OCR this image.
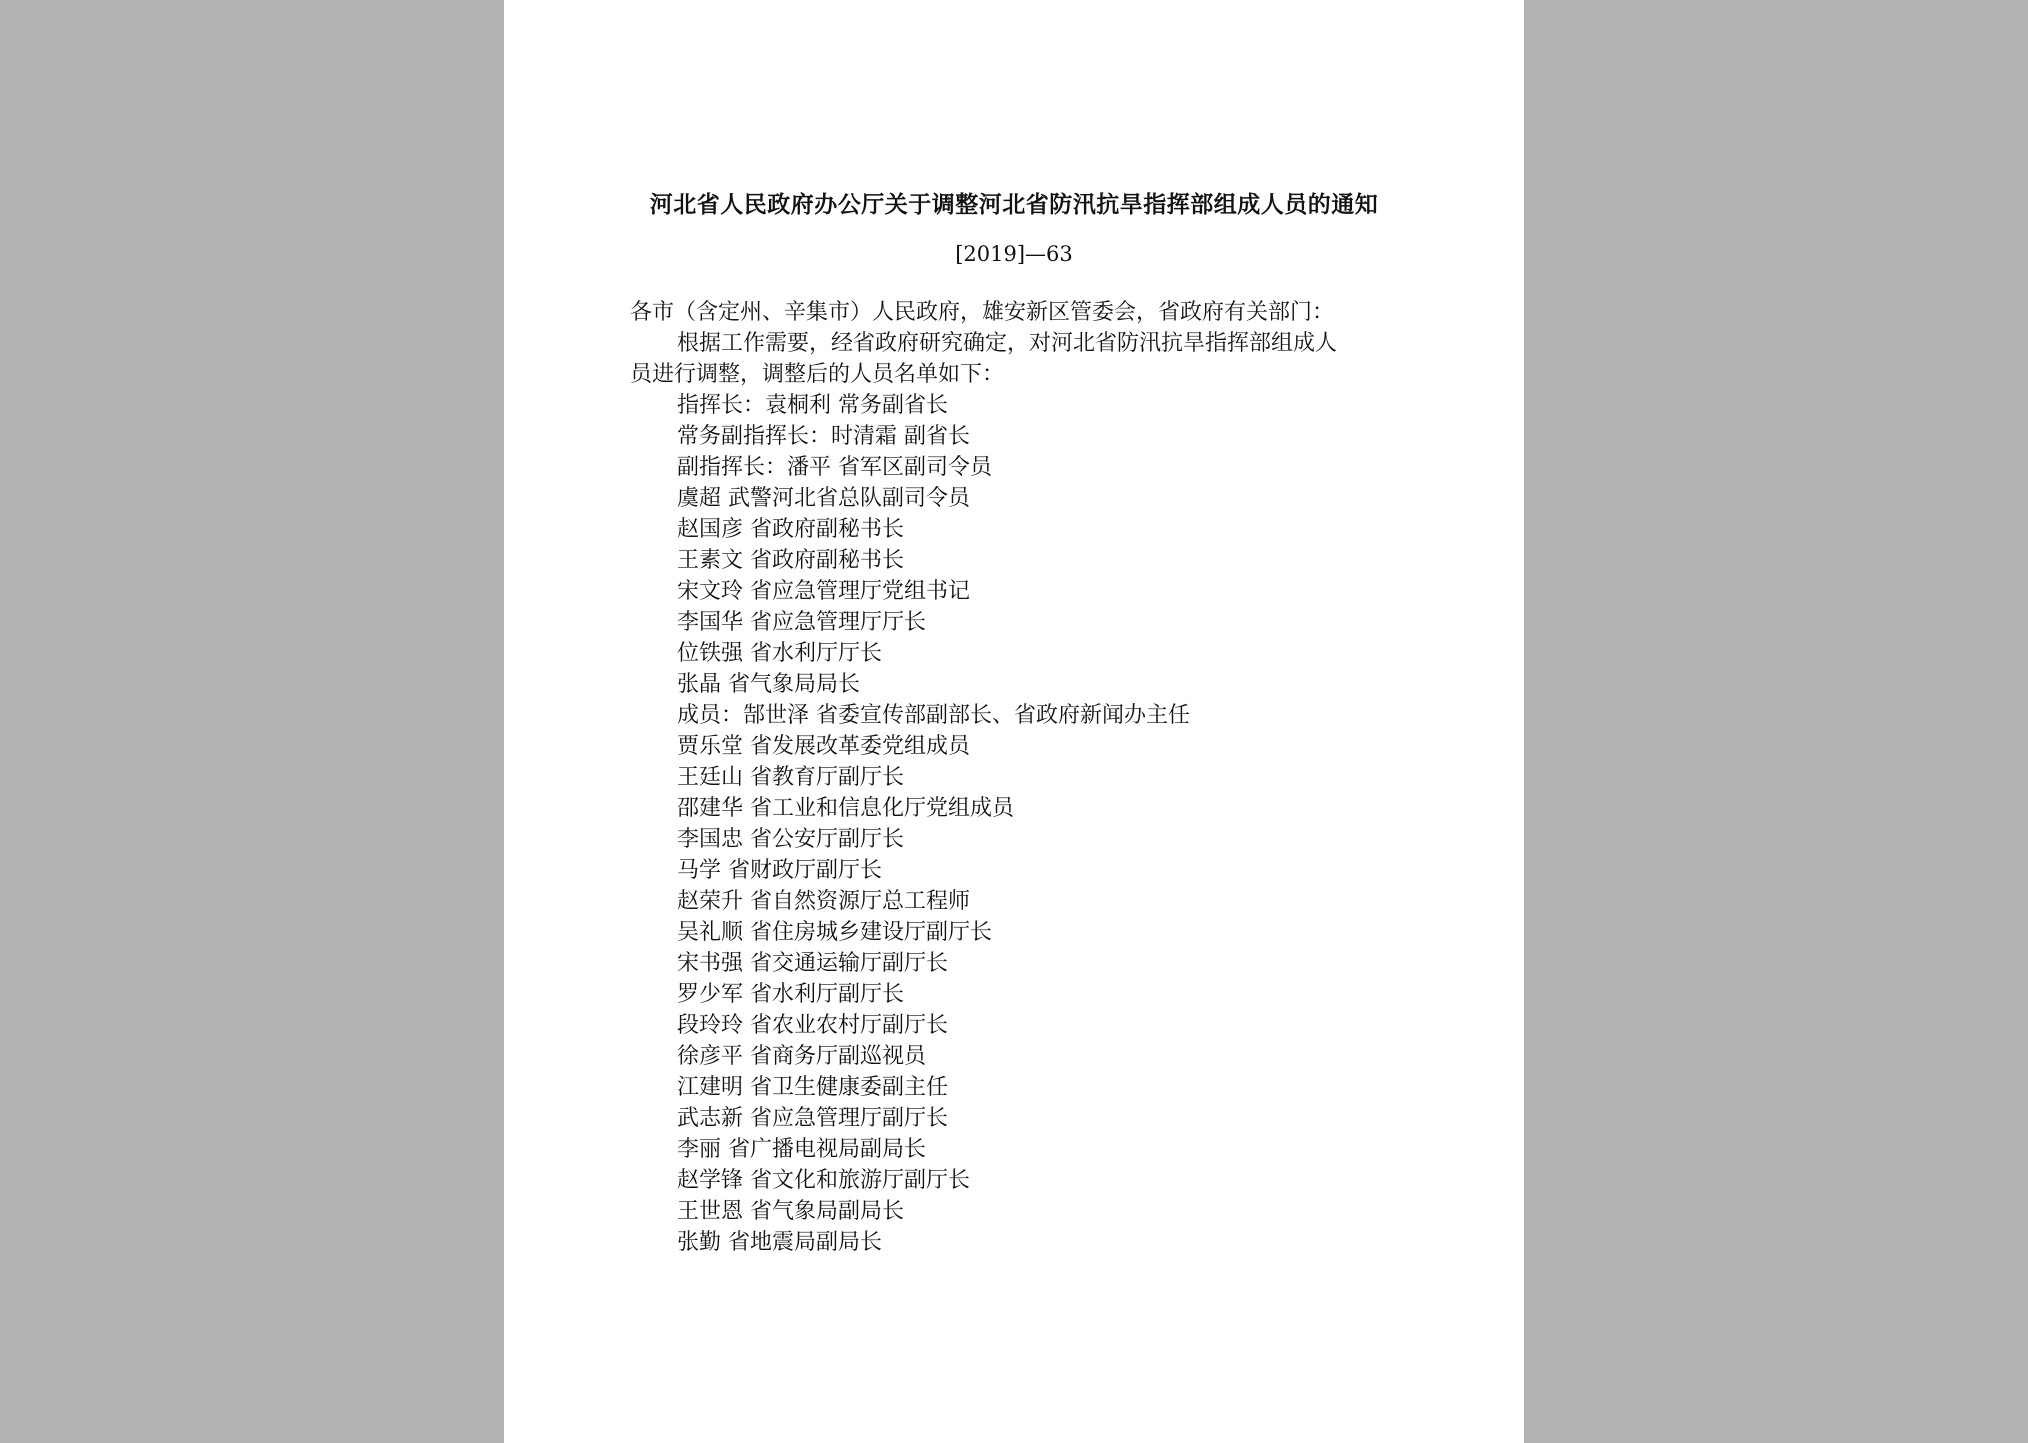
河北省人民政府办公厅关于调整河北省防汛抗旱指挥部组成人员的通知
[2019]—63
各市（含定州、辛集市）人民政府，雄安新区管委会，省政府有关部门：
根据工作需要，经省政府研究确定，对河北省防汛抗旱指挥部组成人
员进行调整，调整后的人员名单如下：
指挥长：袁桐利 常务副省长
常务副指挥长：时清霜 副省长
副指挥长：潘平 省军区副司令员
虞超 武警河北省总队副司令员
赵国彦 省政府副秘书长
王素文 省政府副秘书长
宋文玲 省应急管理厅党组书记
李国华 省应急管理厅厅长
位铁强 省水利厅厅长
张晶 省气象局局长
成员：郜世泽 省委宣传部副部长、省政府新闻办主任
贾乐堂 省发展改革委党组成员
王廷山 省教育厅副厅长
邵建华 省工业和信息化厅党组成员
李国忠 省公安厅副厅长
马学 省财政厅副厅长
赵荣升 省自然资源厅总工程师
吴礼顺 省住房城乡建设厅副厅长
宋书强 省交通运输厅副厅长
罗少军 省水利厅副厅长
段玲玲 省农业农村厅副厅长
徐彦平 省商务厅副巡视员
江建明 省卫生健康委副主任
武志新 省应急管理厅副厅长
李丽 省广播电视局副局长
赵学锋 省文化和旅游厅副厅长
王世恩 省气象局副局长
张勤 省地震局副局长
